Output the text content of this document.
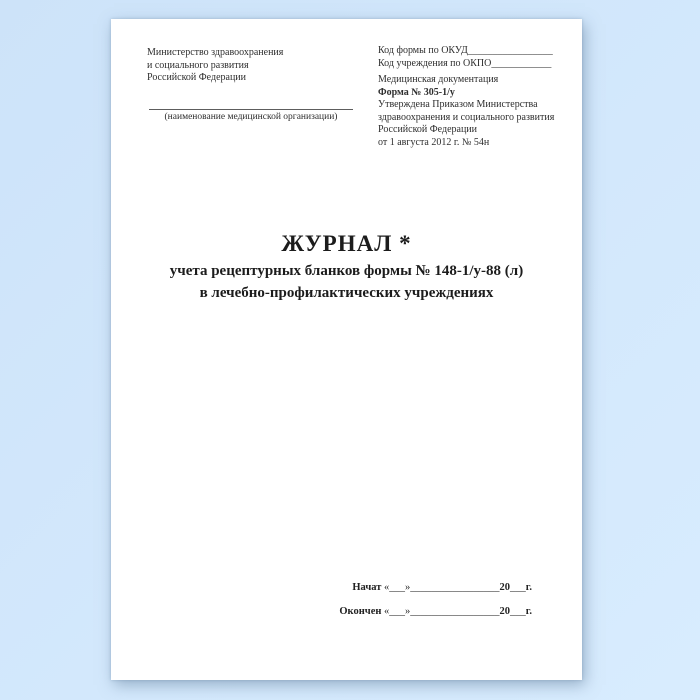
Министерство здравоохранения
и социального развития
Российской Федерации
(наименование медицинской организации)
Код формы по ОКУД_________________
Код учреждения по ОКПО____________
Медицинская документация
Форма № 305-1/у
Утверждена Приказом Министерства
здравоохранения и социального развития
Российской Федерации
от 1 августа 2012 г. № 54н
ЖУРНАЛ *
учета рецептурных бланков формы № 148-1/у-88 (л)
в лечебно-профилактических учреждениях
Начат «___»_________________20___г.
Окончен «___»_________________20___г.
